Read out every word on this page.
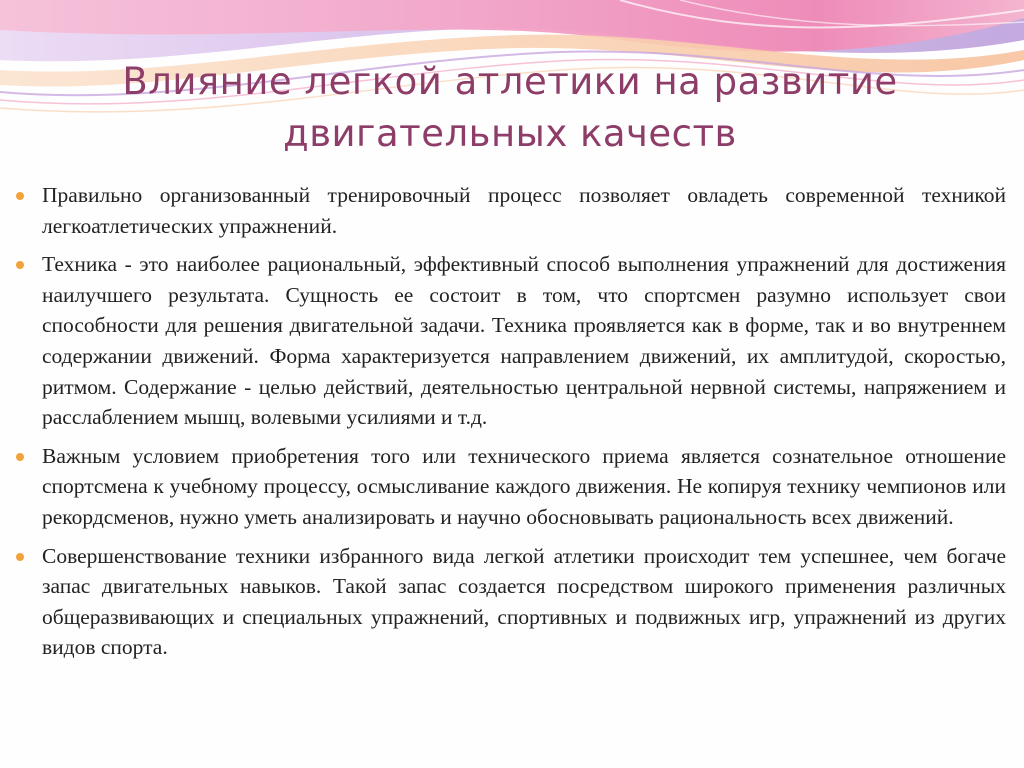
Влияние легкой атлетики на развитие двигательных качеств
Правильно организованный тренировочный процесс позволяет овладеть современной техникой легкоатлетических упражнений.
Техника - это наиболее рациональный, эффективный способ выполнения упражнений для достижения наилучшего результата. Сущность ее состоит в том, что спортсмен разумно использует свои способности для решения двигательной задачи. Техника проявляется как в форме, так и во внутреннем содержании движений. Форма характеризуется направлением движений, их амплитудой, скоростью, ритмом. Содержание - целью действий, деятельностью центральной нервной системы, напряжением и расслаблением мышц, волевыми усилиями и т.д.
Важным условием приобретения того или технического приема является сознательное отношение спортсмена к учебному процессу, осмысливание каждого движения. Не копируя технику чемпионов или рекордсменов, нужно уметь анализировать и научно обосновывать рациональность всех движений.
Совершенствование техники избранного вида легкой атлетики происходит тем успешнее, чем богаче запас двигательных навыков. Такой запас создается посредством широкого применения различных общеразвивающих и специальных упражнений, спортивных и подвижных игр, упражнений из других видов спорта.
